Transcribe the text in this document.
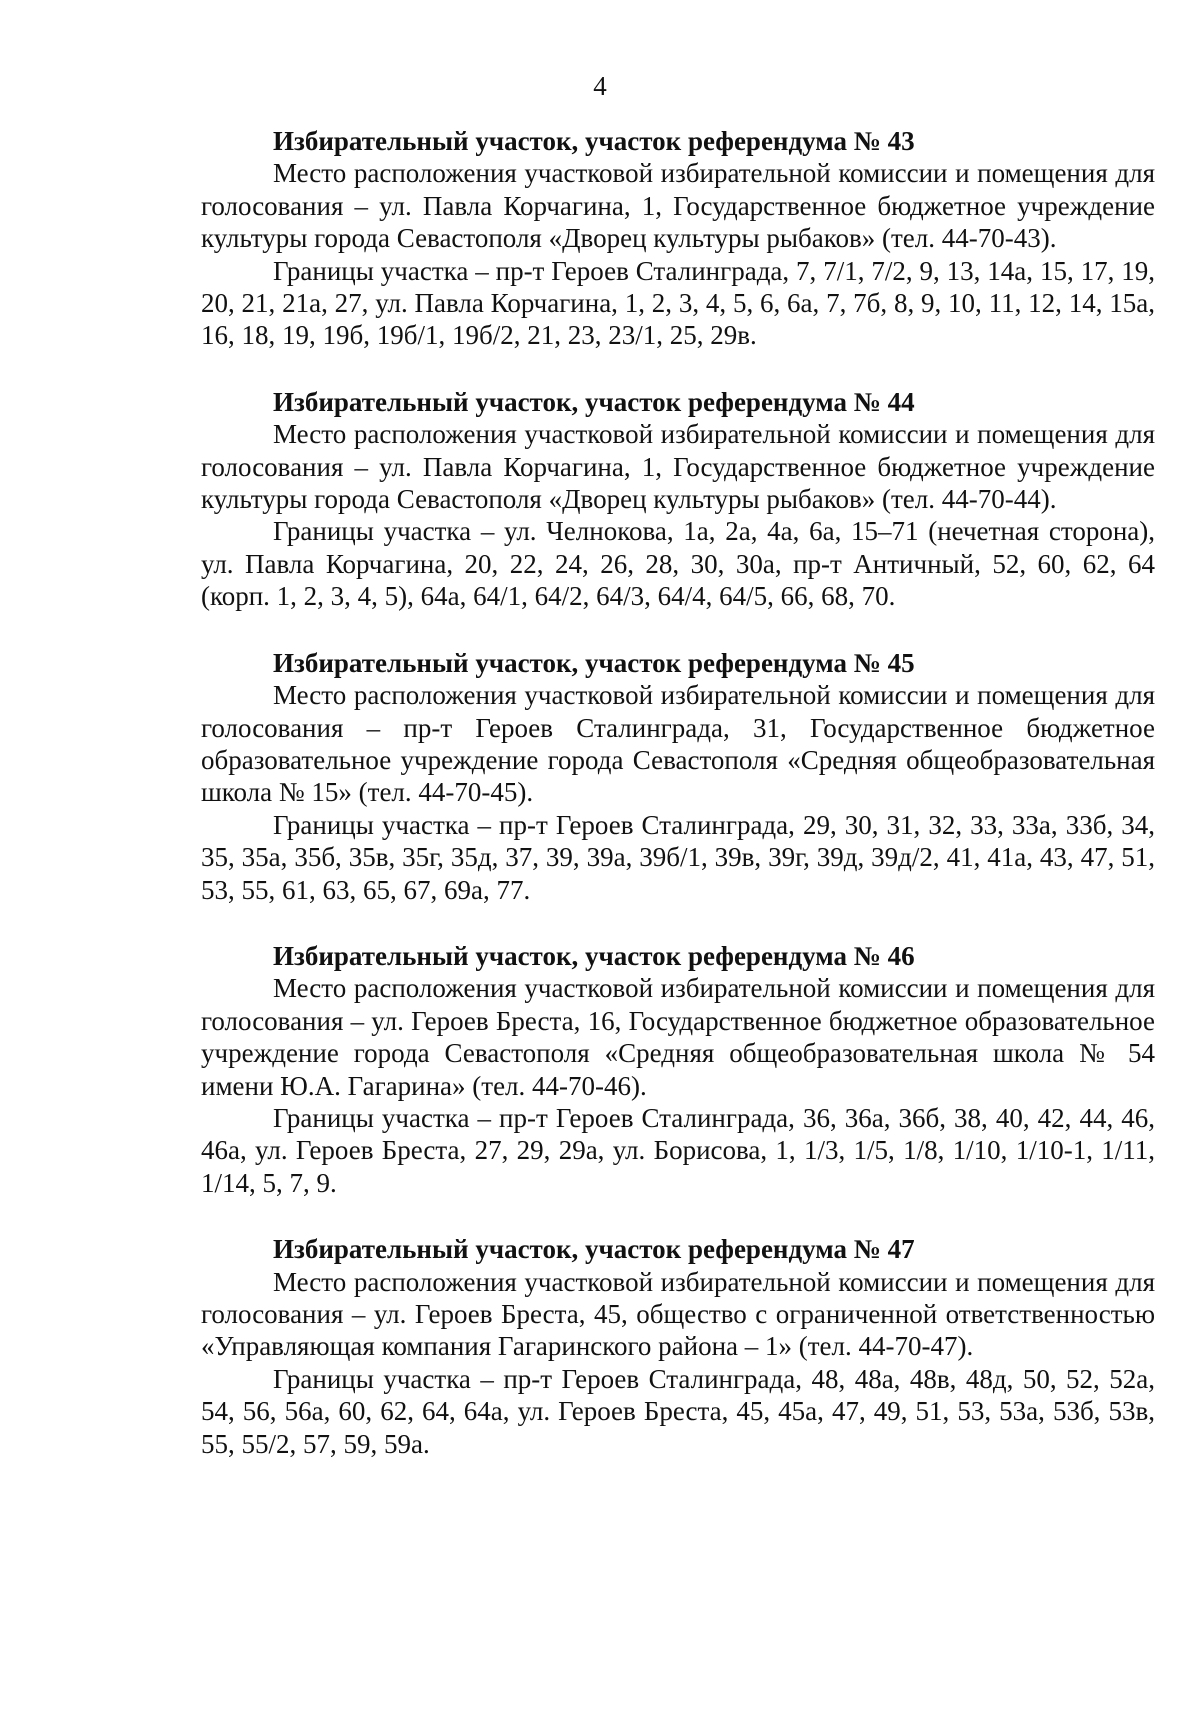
4

Избирательный участок, участок референдума № 43

Место расположения участковой избирательной комиссии и помещения для голосования – ул. Павла Корчагина, 1, Государственное бюджетное учреждение культуры города Севастополя «Дворец культуры рыбаков» (тел. 44-70-43).

Границы участка – пр-т Героев Сталинграда, 7, 7/1, 7/2, 9, 13, 14а, 15, 17, 19, 20, 21, 21а, 27, ул. Павла Корчагина, 1, 2, 3, 4, 5, 6, 6а, 7, 7б, 8, 9, 10, 11, 12, 14, 15а, 16, 18, 19, 19б, 19б/1, 19б/2, 21, 23, 23/1, 25, 29в.

Избирательный участок, участок референдума № 44

Место расположения участковой избирательной комиссии и помещения для голосования – ул. Павла Корчагина, 1, Государственное бюджетное учреждение культуры города Севастополя «Дворец культуры рыбаков» (тел. 44-70-44).

Границы участка – ул. Челнокова, 1а, 2а, 4а, 6а, 15–71 (нечетная сторона), ул. Павла Корчагина, 20, 22, 24, 26, 28, 30, 30а, пр-т Античный, 52, 60, 62, 64 (корп. 1, 2, 3, 4, 5), 64а, 64/1, 64/2, 64/3, 64/4, 64/5, 66, 68, 70.

Избирательный участок, участок референдума № 45

Место расположения участковой избирательной комиссии и помещения для голосования – пр-т Героев Сталинграда, 31, Государственное бюджетное образовательное учреждение города Севастополя «Средняя общеобразовательная школа № 15» (тел. 44-70-45).

Границы участка – пр-т Героев Сталинграда, 29, 30, 31, 32, 33, 33а, 33б, 34, 35, 35а, 35б, 35в, 35г, 35д, 37, 39, 39а, 39б/1, 39в, 39г, 39д, 39д/2, 41, 41а, 43, 47, 51, 53, 55, 61, 63, 65, 67, 69а, 77.

Избирательный участок, участок референдума № 46

Место расположения участковой избирательной комиссии и помещения для голосования – ул. Героев Бреста, 16, Государственное бюджетное образовательное учреждение города Севастополя «Средняя общеобразовательная школа № 54 имени Ю.А. Гагарина» (тел. 44-70-46).

Границы участка – пр-т Героев Сталинграда, 36, 36а, 36б, 38, 40, 42, 44, 46, 46а, ул. Героев Бреста, 27, 29, 29а, ул. Борисова, 1, 1/3, 1/5, 1/8, 1/10, 1/10-1, 1/11, 1/14, 5, 7, 9.

Избирательный участок, участок референдума № 47

Место расположения участковой избирательной комиссии и помещения для голосования – ул. Героев Бреста, 45, общество с ограниченной ответственностью «Управляющая компания Гагаринского района – 1» (тел. 44-70-47).

Границы участка – пр-т Героев Сталинграда, 48, 48а, 48в, 48д, 50, 52, 52а, 54, 56, 56а, 60, 62, 64, 64а, ул. Героев Бреста, 45, 45а, 47, 49, 51, 53, 53а, 53б, 53в, 55, 55/2, 57, 59, 59а.
